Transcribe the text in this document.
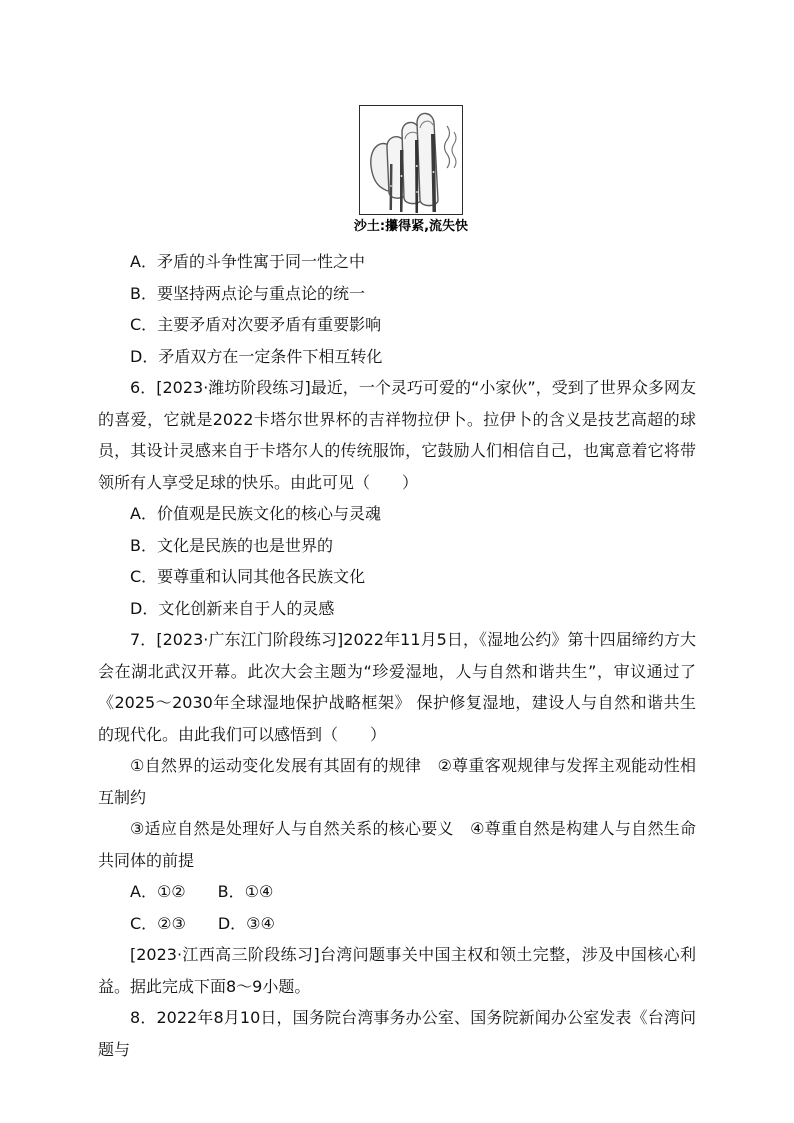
沙土:攥得紧,流失快

A．矛盾的斗争性寓于同一性之中

B．要坚持两点论与重点论的统一

C．主要矛盾对次要矛盾有重要影响

D．矛盾双方在一定条件下相互转化

6．[2023·潍坊阶段练习]最近，一个灵巧可爱的“小家伙”，受到了世界众多网友的喜爱，它就是2022卡塔尔世界杯的吉祥物拉伊卜。拉伊卜的含义是技艺高超的球员，其设计灵感来自于卡塔尔人的传统服饰，它鼓励人们相信自己，也寓意着它将带领所有人享受足球的快乐。由此可见（　　）

A．价值观是民族文化的核心与灵魂

B．文化是民族的也是世界的

C．要尊重和认同其他各民族文化

D．文化创新来自于人的灵感

7．[2023·广东江门阶段练习]2022年11月5日，《湿地公约》第十四届缔约方大会在湖北武汉开幕。此次大会主题为“珍爱湿地，人与自然和谐共生”，审议通过了《2025～2030年全球湿地保护战略框架》 保护修复湿地，建设人与自然和谐共生的现代化。由此我们可以感悟到（　　）

①自然界的运动变化发展有其固有的规律　②尊重客观规律与发挥主观能动性相互制约

③适应自然是处理好人与自然关系的核心要义　④尊重自然是构建人与自然生命共同体的前提

A．①②　　B．①④

C．②③　　D．③④

[2023·江西高三阶段练习]台湾问题事关中国主权和领土完整，涉及中国核心利益。据此完成下面8～9小题。

8．2022年8月10日，国务院台湾事务办公室、国务院新闻办公室发表《台湾问题与
